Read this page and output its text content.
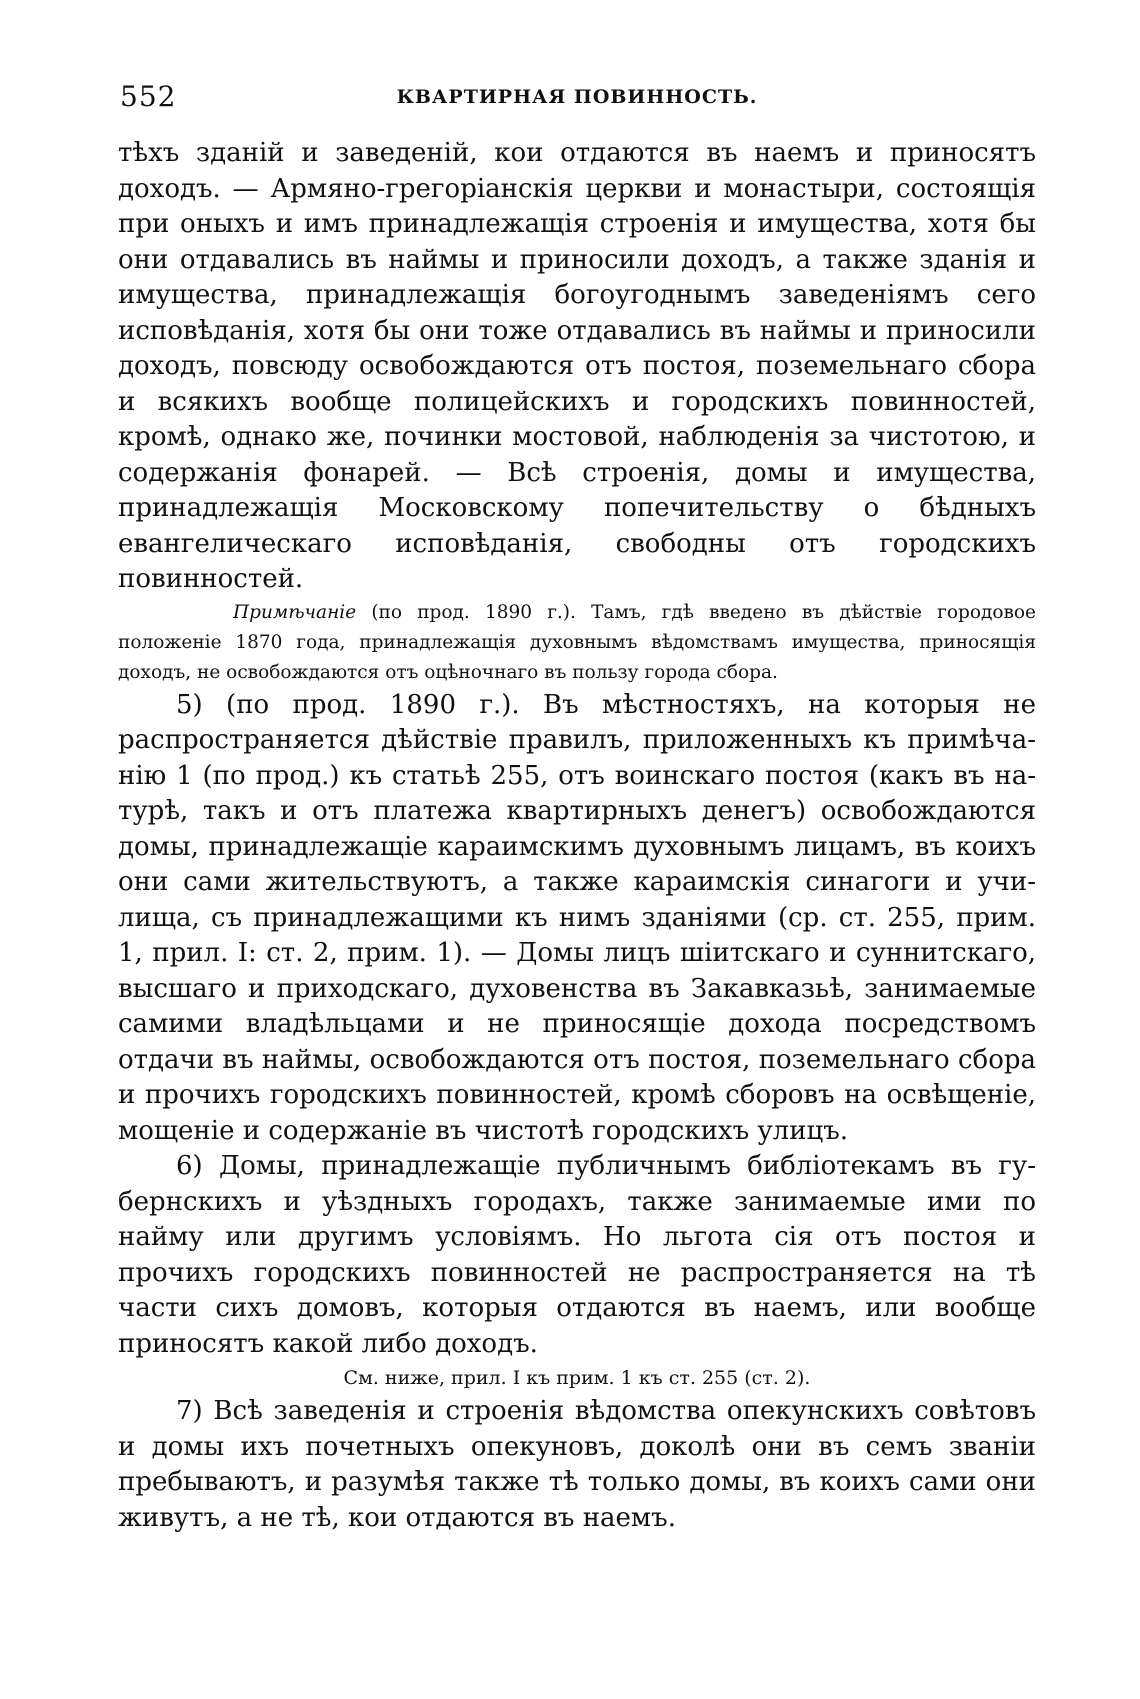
552	КВАРТИРНАЯ ПОВИННОСТЬ.

тѣхъ зданій и заведеній, кои отдаются въ наемъ и приносятъ доходъ. — Армяно-грегоріанскія церкви и монастыри, состоящія при оныхъ и имъ принадлежащія строенія и имущества, хотя бы они отдавались въ наймы и приносили доходъ, а также зданія и имущества, принадлежащія богоугоднымъ заведеніямъ сего исповѣданія, хотя бы они тоже отдавались въ наймы и приносили доходъ, повсюду освобождаются отъ постоя, поземельнаго сбора и всякихъ вообще полицейскихъ и городскихъ повинностей, кромѣ, однако же, починки мостовой, наблюденія за чистотою, и содержанія фонарей. — Всѣ строенія, домы и имущества, принадлежащія Московскому попечительству о бѣдныхъ евангелическаго исповѣданія, свободны отъ городскихъ повинностей.

Примѣчаніе (по прод. 1890 г.). Тамъ, гдѣ введено въ дѣйствіе городовое положеніе 1870 года, принадлежащія духовнымъ вѣдомствамъ имущества, приносящія доходъ, не освобождаются отъ оцѣночнаго въ пользу города сбора.

5) (по прод. 1890 г.). Въ мѣстностяхъ, на которыя не распространяется дѣйствіе правилъ, приложенныхъ къ примѣчанію 1 (по прод.) къ статьѣ 255, отъ воинскаго постоя (какъ въ натурѣ, такъ и отъ платежа квартирныхъ денегъ) освобождаются домы, принадлежащіе караимскимъ духовнымъ лицамъ, въ коихъ они сами жительствуютъ, а также караимскія синагоги и училища, съ принадлежащими къ нимъ зданіями (ср. ст. 255, прим. 1, прил. I: ст. 2, прим. 1). — Домы лицъ шіитскаго и суннитскаго, высшаго и приходскаго, духовенства въ Закавказьѣ, занимаемые самими владѣльцами и не приносящіе дохода посредствомъ отдачи въ наймы, освобождаются отъ постоя, поземельнаго сбора и прочихъ городскихъ повинностей, кромѣ сборовъ на освѣщеніе, мощеніе и содержаніе въ чистотѣ городскихъ улицъ.

6) Домы, принадлежащіе публичнымъ библіотекамъ въ губернскихъ и уѣздныхъ городахъ, также занимаемые ими по найму или другимъ условіямъ. Но льгота сія отъ постоя и прочихъ городскихъ повинностей не распространяется на тѣ части сихъ домовъ, которыя отдаются въ наемъ, или вообще приносятъ какой либо доходъ.

См. ниже, прил. I къ прим. 1 къ ст. 255 (ст. 2).

7) Всѣ заведенія и строенія вѣдомства опекунскихъ совѣтовъ и домы ихъ почетныхъ опекуновъ, доколѣ они въ семъ званіи пребываютъ, и разумѣя также тѣ только домы, въ коихъ сами они живутъ, а не тѣ, кои отдаются въ наемъ.
